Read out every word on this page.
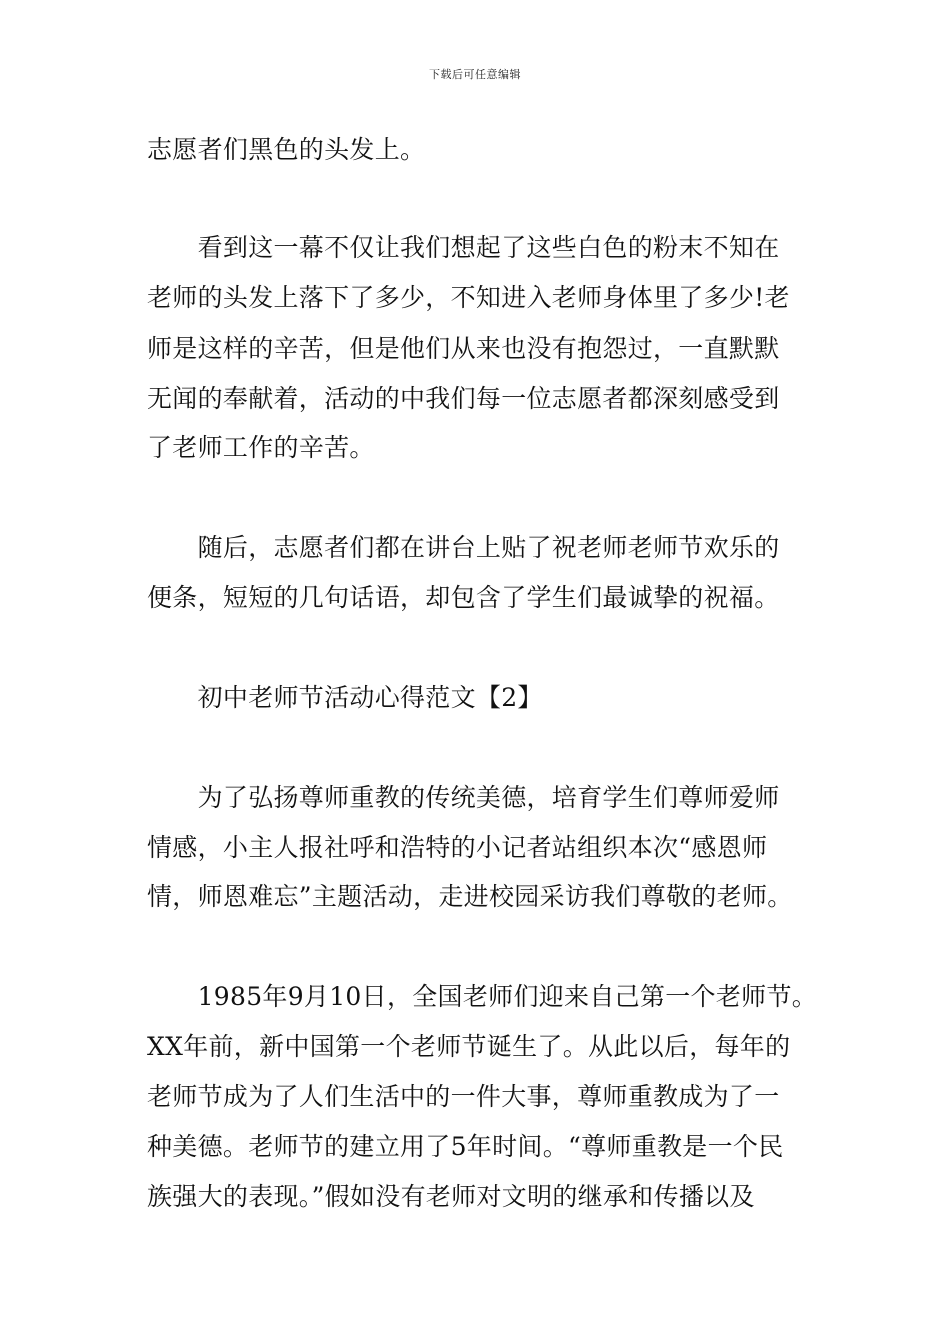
下载后可任意编辑
志愿者们黑色的头发上。
　　看到这一幕不仅让我们想起了这些白色的粉末不知在
老师的头发上落下了多少，不知进入老师身体里了多少!老
师是这样的辛苦，但是他们从来也没有抱怨过，一直默默
无闻的奉献着，活动的中我们每一位志愿者都深刻感受到
了老师工作的辛苦。
　　随后，志愿者们都在讲台上贴了祝老师老师节欢乐的
便条，短短的几句话语，却包含了学生们最诚挚的祝福。
　　初中老师节活动心得范文【2】
　　为了弘扬尊师重教的传统美德，培育学生们尊师爱师
情感，小主人报社呼和浩特的小记者站组织本次“感恩师
情，师恩难忘”主题活动，走进校园采访我们尊敬的老师。
　　1985年9月10日，全国老师们迎来自己第一个老师节。
XX年前，新中国第一个老师节诞生了。从此以后，每年的
老师节成为了人们生活中的一件大事，尊师重教成为了一
种美德。老师节的建立用了5年时间。“尊师重教是一个民
族强大的表现。”假如没有老师对文明的继承和传播以及
